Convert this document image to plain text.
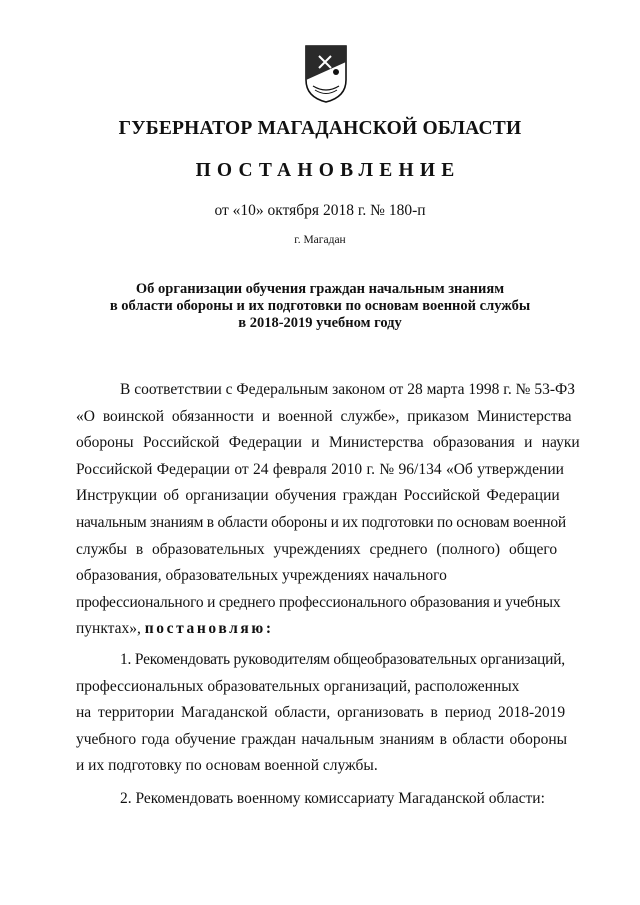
ГУБЕРНАТОР МАГАДАНСКОЙ ОБЛАСТИ
ПОСТАНОВЛЕНИЕ
от «10» октября 2018 г. № 180-п
г. Магадан
Об организации обучения граждан начальным знаниям
в области обороны и их подготовки по основам военной службы
в 2018-2019 учебном году
В соответствии с Федеральным законом от 28 марта 1998 г. № 53-ФЗ
«О воинской обязанности и военной службе», приказом Министерства
обороны Российской Федерации и Министерства образования и науки
Российской Федерации от 24 февраля 2010 г. № 96/134 «Об утверждении
Инструкции об организации обучения граждан Российской Федерации
начальным знаниям в области обороны и их подготовки по основам военной
службы в образовательных учреждениях среднего (полного) общего
образования, образовательных учреждениях начального
профессионального и среднего профессионального образования и учебных
пунктах», постановляю:
1. Рекомендовать руководителям общеобразовательных организаций,
профессиональных образовательных организаций, расположенных
на территории Магаданской области, организовать в период 2018-2019
учебного года обучение граждан начальным знаниям в области обороны
и их подготовку по основам военной службы.
2. Рекомендовать военному комиссариату Магаданской области:
